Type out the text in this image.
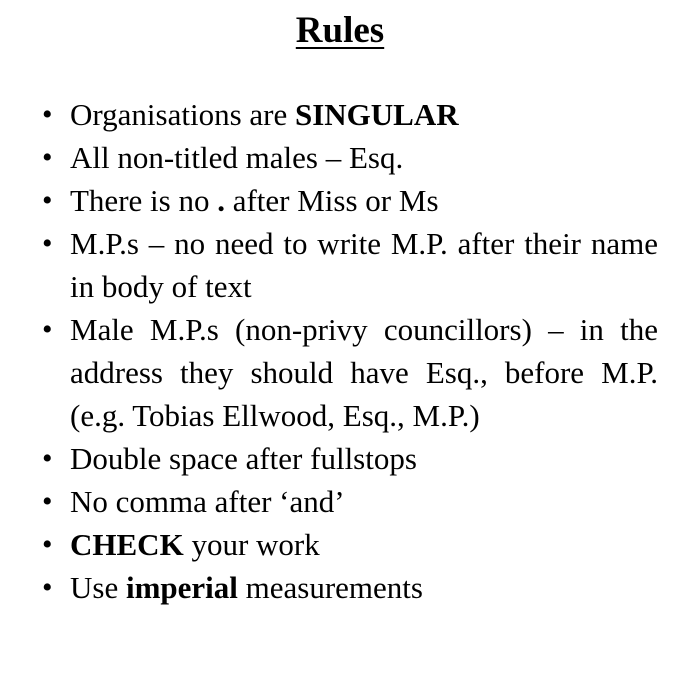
Rules
• Organisations are SINGULAR
• All non-titled males – Esq.
• There is no . after Miss or Ms
• M.P.s – no need to write M.P. after their name in body of text
• Male M.P.s (non-privy councillors) – in the address they should have Esq., before M.P. (e.g. Tobias Ellwood, Esq., M.P.)
• Double space after fullstops
• No comma after ‘and’
• CHECK your work
• Use imperial measurements
